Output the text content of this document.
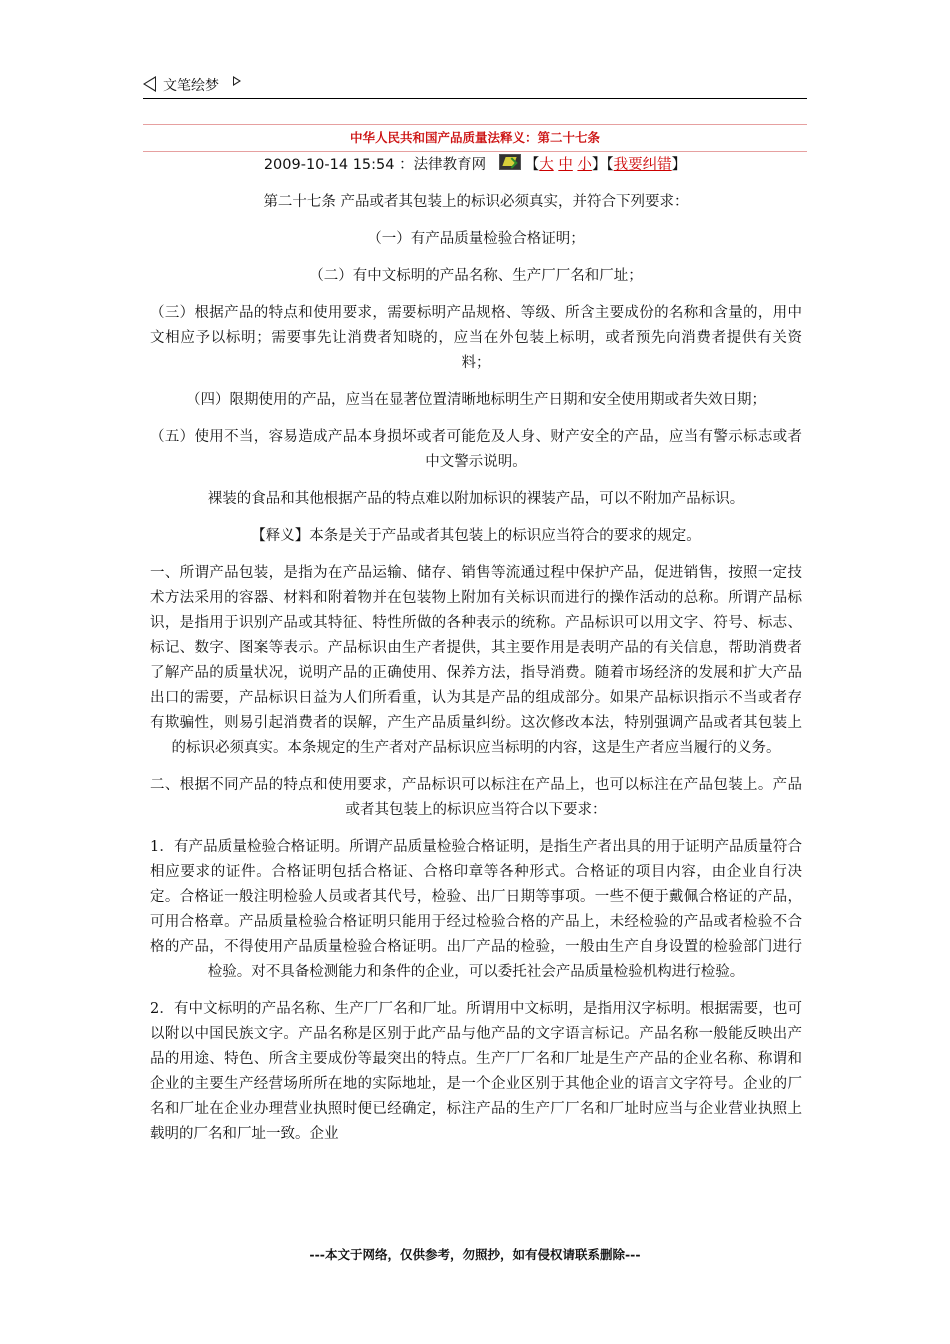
文笔绘梦
中华人民共和国产品质量法释义：第二十七条
2009-10-14 15:54 ：法律教育网	【大 中 小】【我要纠错】

第二十七条 产品或者其包装上的标识必须真实，并符合下列要求：

（一）有产品质量检验合格证明；

（二）有中文标明的产品名称、生产厂厂名和厂址；

（三）根据产品的特点和使用要求，需要标明产品规格、等级、所含主要成份的名称和含量的，用中文相应予以标明；需要事先让消费者知晓的，应当在外包装上标明，或者预先向消费者提供有关资料；

（四）限期使用的产品，应当在显著位置清晰地标明生产日期和安全使用期或者失效日期；

（五）使用不当，容易造成产品本身损坏或者可能危及人身、财产安全的产品，应当有警示标志或者中文警示说明。

裸装的食品和其他根据产品的特点难以附加标识的裸装产品，可以不附加产品标识。

【释义】本条是关于产品或者其包装上的标识应当符合的要求的规定。

一、所谓产品包装，是指为在产品运输、储存、销售等流通过程中保护产品，促进销售，按照一定技术方法采用的容器、材料和附着物并在包装物上附加有关标识而进行的操作活动的总称。所谓产品标识，是指用于识别产品或其特征、特性所做的各种表示的统称。产品标识可以用文字、符号、标志、标记、数字、图案等表示。产品标识由生产者提供，其主要作用是表明产品的有关信息，帮助消费者了解产品的质量状况，说明产品的正确使用、保养方法，指导消费。随着市场经济的发展和扩大产品出口的需要，产品标识日益为人们所看重，认为其是产品的组成部分。如果产品标识指示不当或者存有欺骗性，则易引起消费者的误解，产生产品质量纠纷。这次修改本法，特别强调产品或者其包装上的标识必须真实。本条规定的生产者对产品标识应当标明的内容，这是生产者应当履行的义务。

二、根据不同产品的特点和使用要求，产品标识可以标注在产品上，也可以标注在产品包装上。产品或者其包装上的标识应当符合以下要求：

1．有产品质量检验合格证明。所谓产品质量检验合格证明，是指生产者出具的用于证明产品质量符合相应要求的证件。合格证明包括合格证、合格印章等各种形式。合格证的项目内容，由企业自行决定。合格证一般注明检验人员或者其代号，检验、出厂日期等事项。一些不便于戴佩合格证的产品，可用合格章。产品质量检验合格证明只能用于经过检验合格的产品上，未经检验的产品或者检验不合格的产品，不得使用产品质量检验合格证明。出厂产品的检验，一般由生产自身设置的检验部门进行检验。对不具备检测能力和条件的企业，可以委托社会产品质量检验机构进行检验。

2．有中文标明的产品名称、生产厂厂名和厂址。所谓用中文标明，是指用汉字标明。根据需要，也可以附以中国民族文字。产品名称是区别于此产品与他产品的文字语言标记。产品名称一般能反映出产品的用途、特色、所含主要成份等最突出的特点。生产厂厂名和厂址是生产产品的企业名称、称谓和企业的主要生产经营场所所在地的实际地址，是一个企业区别于其他企业的语言文字符号。企业的厂名和厂址在企业办理营业执照时便已经确定，标注产品的生产厂厂名和厂址时应当与企业营业执照上载明的厂名和厂址一致。企业

---本文于网络，仅供参考，勿照抄，如有侵权请联系删除---
